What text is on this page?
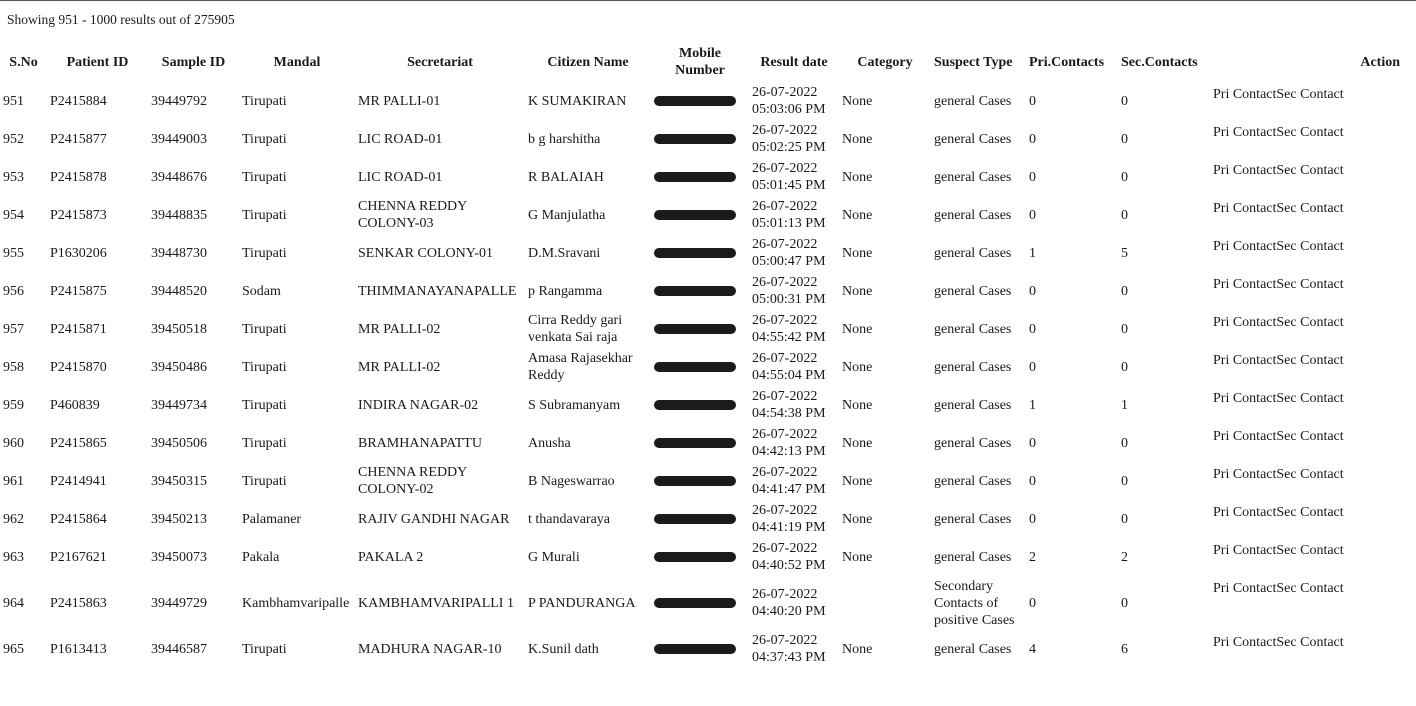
Showing 951 - 1000 results out of 275905
S.No	Patient ID	Sample ID	Mandal	Secretariat	Citizen Name	Mobile Number	Result date	Category	Suspect Type	Pri.Contacts	Sec.Contacts	Action
951	P2415884	39449792	Tirupati	MR PALLI-01	K SUMAKIRAN		26-07-2022
05:03:06 PM	None	general Cases	0	0	Pri ContactSec Contact
952	P2415877	39449003	Tirupati	LIC ROAD-01	b g harshitha		26-07-2022
05:02:25 PM	None	general Cases	0	0	Pri ContactSec Contact
953	P2415878	39448676	Tirupati	LIC ROAD-01	R BALAIAH		26-07-2022
05:01:45 PM	None	general Cases	0	0	Pri ContactSec Contact
954	P2415873	39448835	Tirupati	CHENNA REDDY COLONY-03	G Manjulatha		26-07-2022
05:01:13 PM	None	general Cases	0	0	Pri ContactSec Contact
955	P1630206	39448730	Tirupati	SENKAR COLONY-01	D.M.Sravani		26-07-2022
05:00:47 PM	None	general Cases	1	5	Pri ContactSec Contact
956	P2415875	39448520	Sodam	THIMMANAYANAPALLE	p Rangamma		26-07-2022
05:00:31 PM	None	general Cases	0	0	Pri ContactSec Contact
957	P2415871	39450518	Tirupati	MR PALLI-02	Cirra Reddy gari venkata Sai raja		26-07-2022
04:55:42 PM	None	general Cases	0	0	Pri ContactSec Contact
958	P2415870	39450486	Tirupati	MR PALLI-02	Amasa Rajasekhar Reddy		26-07-2022
04:55:04 PM	None	general Cases	0	0	Pri ContactSec Contact
959	P460839	39449734	Tirupati	INDIRA NAGAR-02	S Subramanyam		26-07-2022
04:54:38 PM	None	general Cases	1	1	Pri ContactSec Contact
960	P2415865	39450506	Tirupati	BRAMHANAPATTU	Anusha		26-07-2022
04:42:13 PM	None	general Cases	0	0	Pri ContactSec Contact
961	P2414941	39450315	Tirupati	CHENNA REDDY COLONY-02	B Nageswarrao		26-07-2022
04:41:47 PM	None	general Cases	0	0	Pri ContactSec Contact
962	P2415864	39450213	Palamaner	RAJIV GANDHI NAGAR	t thandavaraya		26-07-2022
04:41:19 PM	None	general Cases	0	0	Pri ContactSec Contact
963	P2167621	39450073	Pakala	PAKALA 2	G Murali		26-07-2022
04:40:52 PM	None	general Cases	2	2	Pri ContactSec Contact
964	P2415863	39449729	Kambhamvaripalle	KAMBHAMVARIPALLI 1	P PANDURANGA		26-07-2022
04:40:20 PM		Secondary Contacts of positive Cases	0	0	Pri ContactSec Contact
965	P1613413	39446587	Tirupati	MADHURA NAGAR-10	K.Sunil dath		26-07-2022
04:37:43 PM	None	general Cases	4	6	Pri ContactSec Contact
